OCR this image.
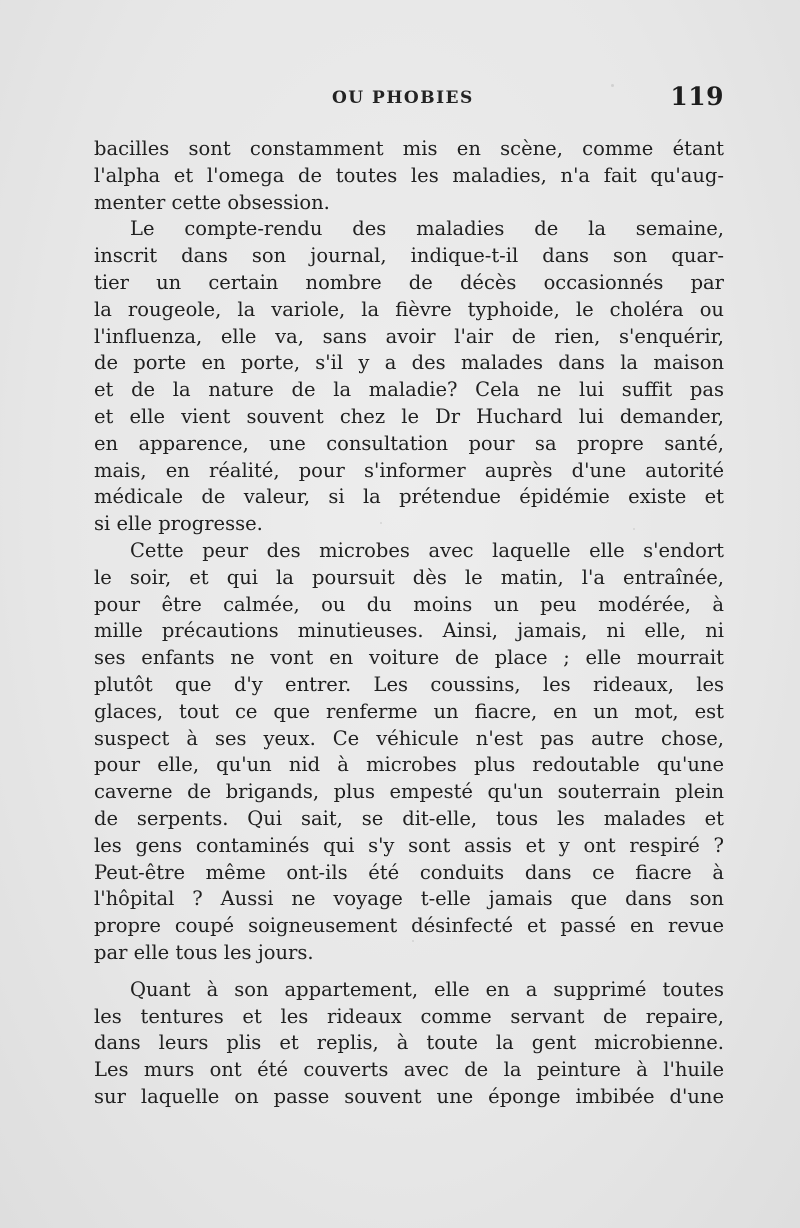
OU PHOBIES	119
bacilles sont constamment mis en scène, comme étant
l'alpha et l'omega de toutes les maladies, n'a fait qu'aug-
menter cette obsession.
Le compte-rendu des maladies de la semaine,
inscrit dans son journal, indique-t-il dans son quar-
tier un certain nombre de décès occasionnés par
la rougeole, la variole, la fièvre typhoide, le choléra ou
l'influenza, elle va, sans avoir l'air de rien, s'enquérir,
de porte en porte, s'il y a des malades dans la maison
et de la nature de la maladie? Cela ne lui suffit pas
et elle vient souvent chez le Dr Huchard lui demander,
en apparence, une consultation pour sa propre santé,
mais, en réalité, pour s'informer auprès d'une autorité
médicale de valeur, si la prétendue épidémie existe et
si elle progresse.
Cette peur des microbes avec laquelle elle s'endort
le soir, et qui la poursuit dès le matin, l'a entraînée,
pour être calmée, ou du moins un peu modérée, à
mille précautions minutieuses. Ainsi, jamais, ni elle, ni
ses enfants ne vont en voiture de place ; elle mourrait
plutôt que d'y entrer. Les coussins, les rideaux, les
glaces, tout ce que renferme un fiacre, en un mot, est
suspect à ses yeux. Ce véhicule n'est pas autre chose,
pour elle, qu'un nid à microbes plus redoutable qu'une
caverne de brigands, plus empesté qu'un souterrain plein
de serpents. Qui sait, se dit-elle, tous les malades et
les gens contaminés qui s'y sont assis et y ont respiré ?
Peut-être même ont-ils été conduits dans ce fiacre à
l'hôpital ? Aussi ne voyage t-elle jamais que dans son
propre coupé soigneusement désinfecté et passé en revue
par elle tous les jours.
Quant à son appartement, elle en a supprimé toutes
les tentures et les rideaux comme servant de repaire,
dans leurs plis et replis, à toute la gent microbienne.
Les murs ont été couverts avec de la peinture à l'huile
sur laquelle on passe souvent une éponge imbibée d'une
